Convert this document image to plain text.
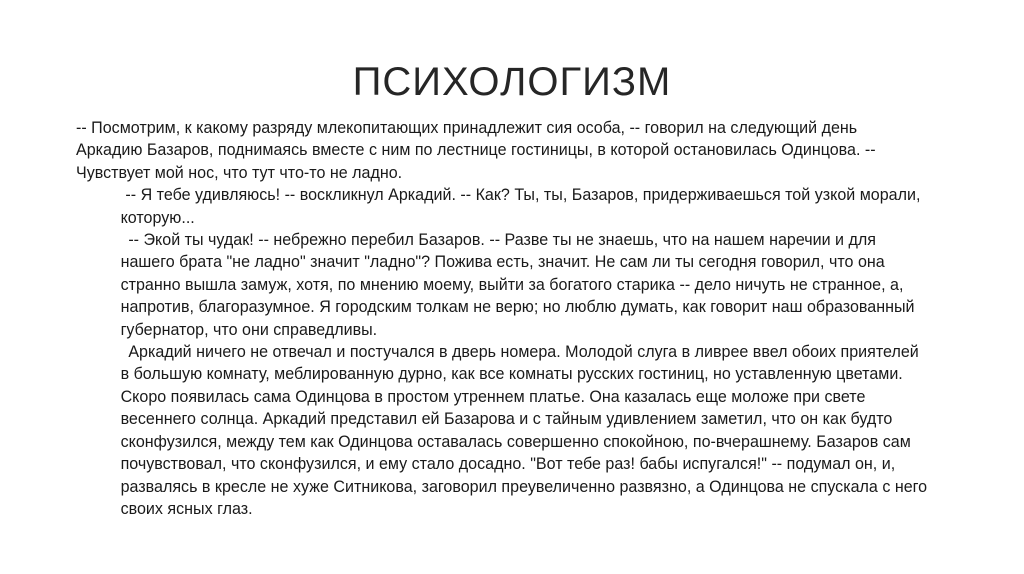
ПСИХОЛОГИЗМ
-- Посмотрим, к какому разряду млекопитающих принадлежит сия особа, -- говорил на следующий день
Аркадию Базаров, поднимаясь вместе с ним по лестнице гостиницы, в которой остановилась Одинцова. --
Чувствует мой нос, что тут что-то не ладно.
-- Я тебе удивляюсь! -- воскликнул Аркадий. -- Как? Ты, ты, Базаров, придерживаешься той узкой морали,
которую...
-- Экой ты чудак! -- небрежно перебил Базаров. -- Разве ты не знаешь, что на нашем наречии и для
нашего брата "не ладно" значит "ладно"? Пожива есть, значит. Не сам ли ты сегодня говорил, что она
странно вышла замуж, хотя, по мнению моему, выйти за богатого старика -- дело ничуть не странное, а,
напротив, благоразумное. Я городским толкам не верю; но люблю думать, как говорит наш образованный
губернатор, что они справедливы.
Аркадий ничего не отвечал и постучался в дверь номера. Молодой слуга в ливрее ввел обоих приятелей
в большую комнату, меблированную дурно, как все комнаты русских гостиниц, но уставленную цветами.
Скоро появилась сама Одинцова в простом утреннем платье. Она казалась еще моложе при свете
весеннего солнца. Аркадий представил ей Базарова и с тайным удивлением заметил, что он как будто
сконфузился, между тем как Одинцова оставалась совершенно спокойною, по-вчерашнему. Базаров сам
почувствовал, что сконфузился, и ему стало досадно. "Вот тебе раз! бабы испугался!" -- подумал он, и,
развалясь в кресле не хуже Ситникова, заговорил преувеличенно развязно, а Одинцова не спускала с него
своих ясных глаз.
